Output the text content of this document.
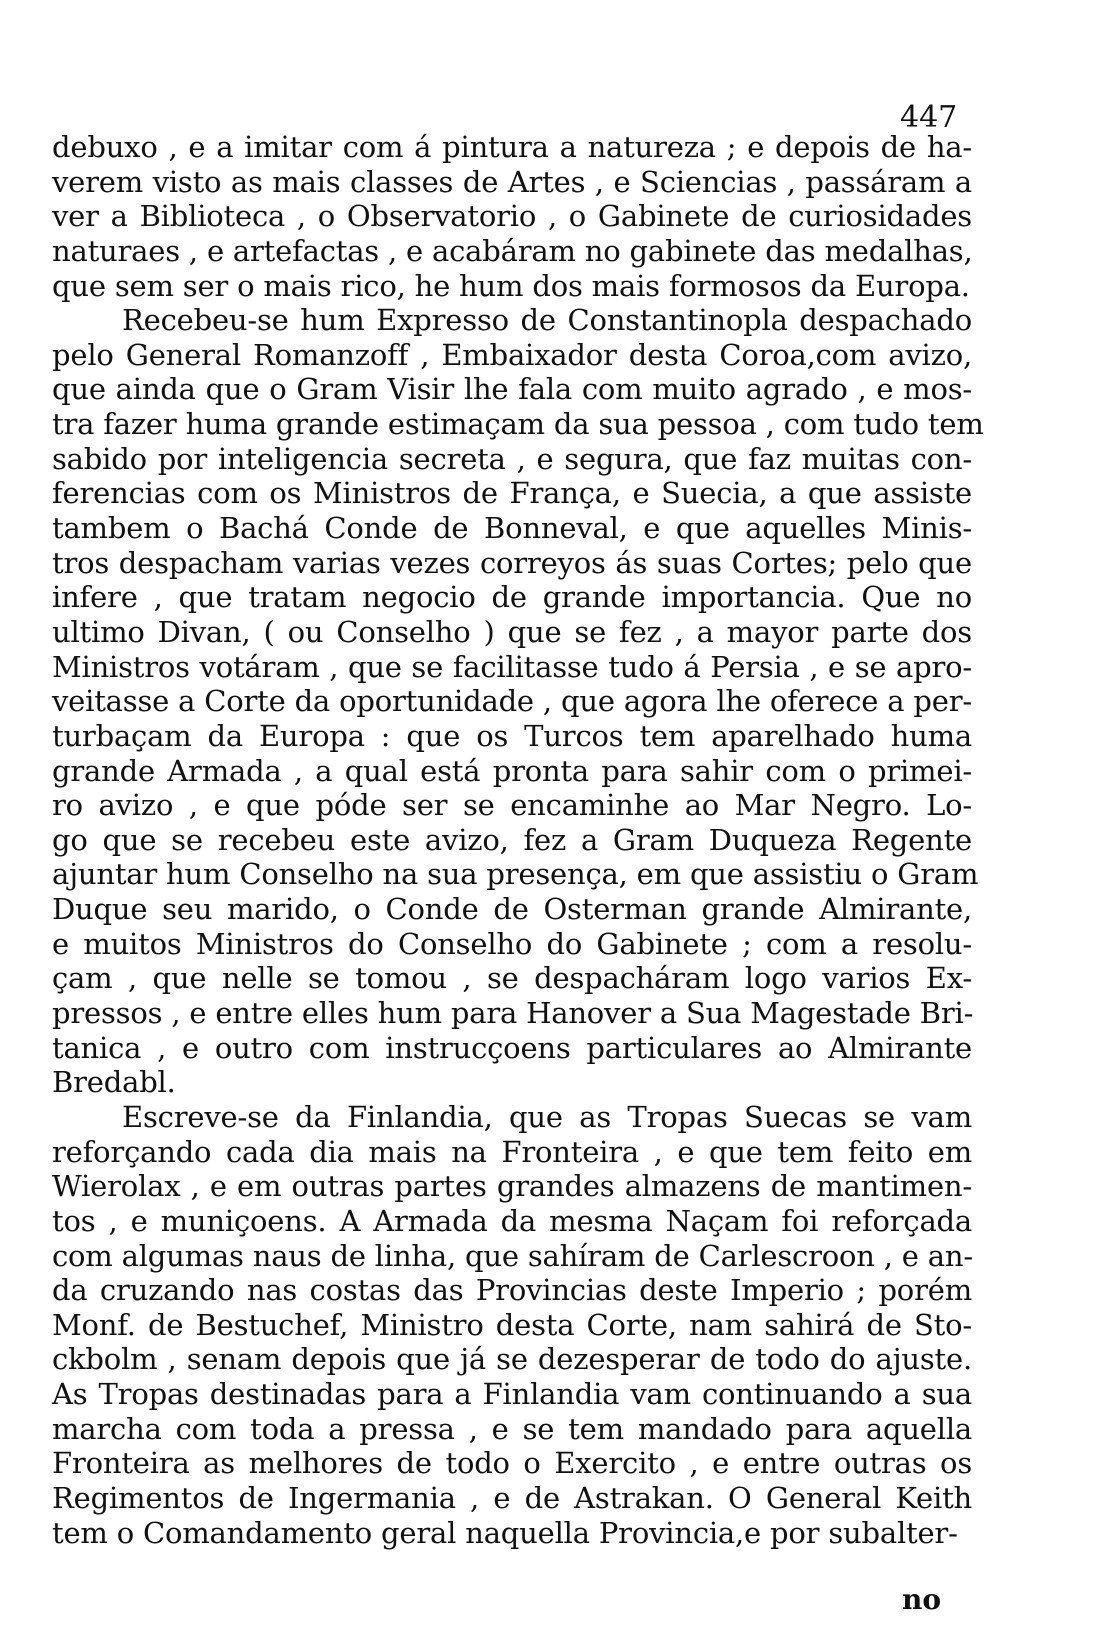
447
debuxo , e a imitar com á pintura a natureza ; e depois de ha-
verem visto as mais classes de Artes , e Sciencias , passáram a
ver a Biblioteca , o Observatorio , o Gabinete de curiosidades
naturaes , e artefactas , e acabáram no gabinete das medalhas,
que sem ser o mais rico, he hum dos mais formosos da Europa.
Recebeu-se hum Expresso de Constantinopla despachado
pelo General Romanzoff , Embaixador desta Coroa,com avizo,
que ainda que o Gram Visir lhe fala com muito agrado , e mos-
tra fazer huma grande estimaçam da sua pessoa , com tudo tem
sabido por inteligencia secreta , e segura, que faz muitas con-
ferencias com os Ministros de França, e Suecia, a que assiste
tambem o Bachá Conde de Bonneval, e que aquelles Minis-
tros despacham varias vezes correyos ás suas Cortes; pelo que
infere , que tratam negocio de grande importancia. Que no
ultimo Divan, ( ou Conselho ) que se fez , a mayor parte dos
Ministros votáram , que se facilitasse tudo á Persia , e se apro-
veitasse a Corte da oportunidade , que agora lhe oferece a per-
turbaçam da Europa : que os Turcos tem aparelhado huma
grande Armada , a qual está pronta para sahir com o primei-
ro avizo , e que póde ser se encaminhe ao Mar Negro. Lo-
go que se recebeu este avizo, fez a Gram Duqueza Regente
ajuntar hum Conselho na sua presença, em que assistiu o Gram
Duque seu marido, o Conde de Osterman grande Almirante,
e muitos Ministros do Conselho do Gabinete ; com a resolu-
çam , que nelle se tomou , se despacháram logo varios Ex-
pressos , e entre elles hum para Hanover a Sua Magestade Bri-
tanica , e outro com instrucçoens particulares ao Almirante
Bredabl.
Escreve-se da Finlandia, que as Tropas Suecas se vam
reforçando cada dia mais na Fronteira , e que tem feito em
Wierolax , e em outras partes grandes almazens de mantimen-
tos , e muniçoens. A Armada da mesma Naçam foi reforçada
com algumas naus de linha, que sahíram de Carlescroon , e an-
da cruzando nas costas das Provincias deste Imperio ; porém
Monf. de Bestuchef, Ministro desta Corte, nam sahirá de Sto-
ckbolm , senam depois que já se dezesperar de todo do ajuste.
As Tropas destinadas para a Finlandia vam continuando a sua
marcha com toda a pressa , e se tem mandado para aquella
Fronteira as melhores de todo o Exercito , e entre outras os
Regimentos de Ingermania , e de Astrakan. O General Keith
tem o Comandamento geral naquella Provincia,e por subalter-
no
